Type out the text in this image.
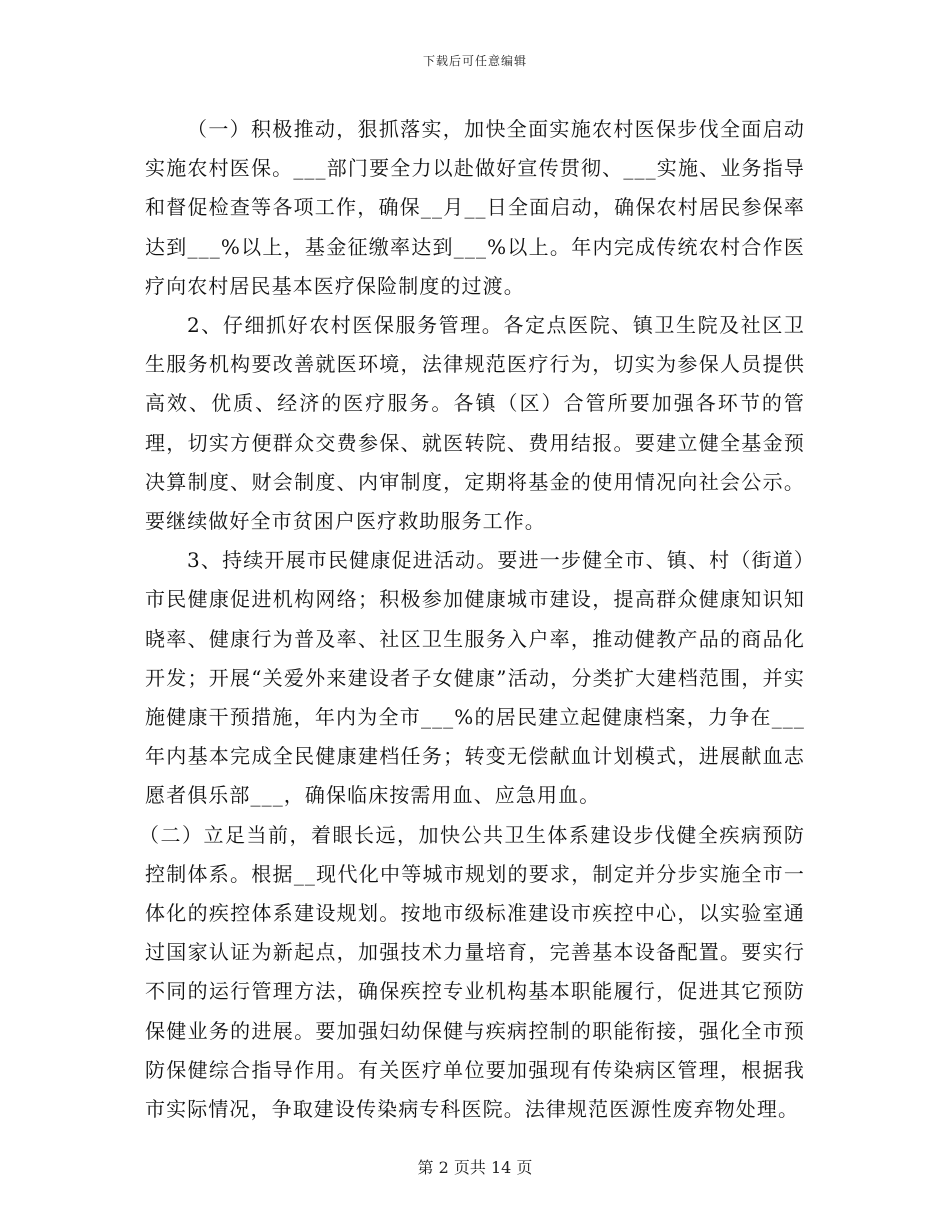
下载后可任意编辑

（一）积极推动，狠抓落实，加快全面实施农村医保步伐全面启动实施农村医保。___部门要全力以赴做好宣传贯彻、___实施、业务指导和督促检查等各项工作，确保__月__日全面启动，确保农村居民参保率达到___%以上，基金征缴率达到___%以上。年内完成传统农村合作医疗向农村居民基本医疗保险制度的过渡。

2、仔细抓好农村医保服务管理。各定点医院、镇卫生院及社区卫生服务机构要改善就医环境，法律规范医疗行为，切实为参保人员提供高效、优质、经济的医疗服务。各镇（区）合管所要加强各环节的管理，切实方便群众交费参保、就医转院、费用结报。要建立健全基金预决算制度、财会制度、内审制度，定期将基金的使用情况向社会公示。要继续做好全市贫困户医疗救助服务工作。

3、持续开展市民健康促进活动。要进一步健全市、镇、村（街道）市民健康促进机构网络；积极参加健康城市建设，提高群众健康知识知晓率、健康行为普及率、社区卫生服务入户率，推动健教产品的商品化开发；开展“关爱外来建设者子女健康”活动，分类扩大建档范围，并实施健康干预措施，年内为全市___%的居民建立起健康档案，力争在___年内基本完成全民健康建档任务；转变无偿献血计划模式，进展献血志愿者俱乐部___，确保临床按需用血、应急用血。

（二）立足当前，着眼长远，加快公共卫生体系建设步伐健全疾病预防控制体系。根据__现代化中等城市规划的要求，制定并分步实施全市一体化的疾控体系建设规划。按地市级标准建设市疾控中心，以实验室通过国家认证为新起点，加强技术力量培育，完善基本设备配置。要实行不同的运行管理方法，确保疾控专业机构基本职能履行，促进其它预防保健业务的进展。要加强妇幼保健与疾病控制的职能衔接，强化全市预防保健综合指导作用。有关医疗单位要加强现有传染病区管理，根据我市实际情况，争取建设传染病专科医院。法律规范医源性废弃物处理。

第 2 页共 14 页
